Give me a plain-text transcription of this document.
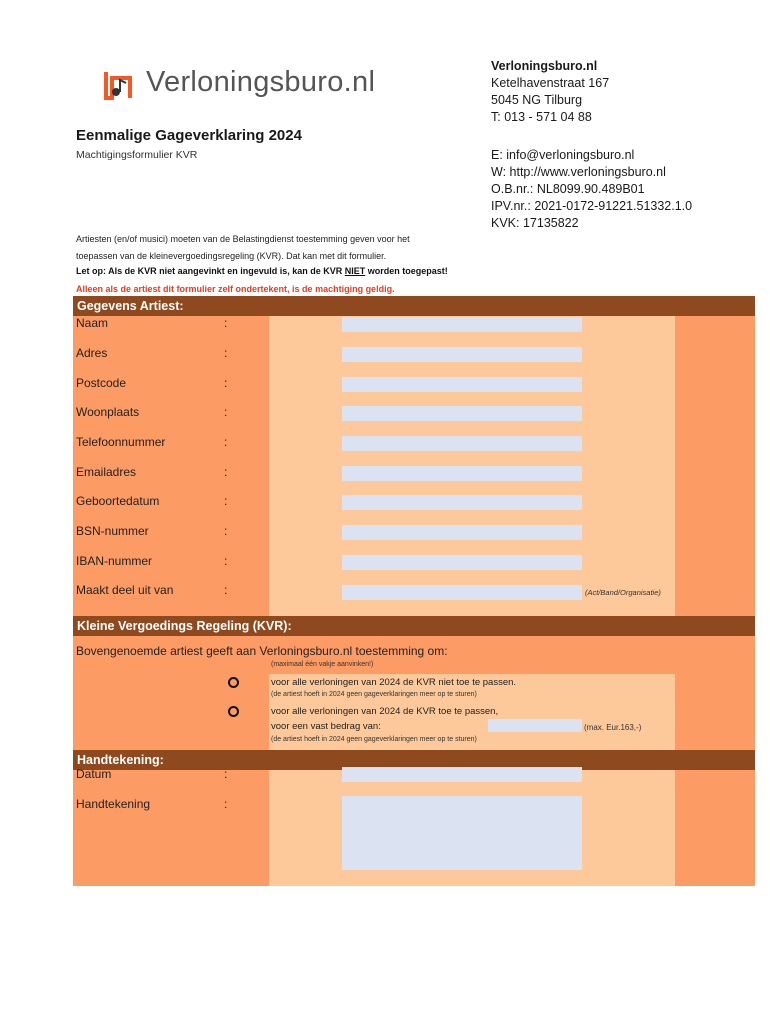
Verloningsburo.nl	Verloningsburo.nl
Ketelhavenstraat 167
5045 NG Tilburg
T: 013 - 571 04 88
E: info@verloningsburo.nl
W: http://www.verloningsburo.nl
O.B.nr.: NL8099.90.489B01
IPV.nr.: 2021-0172-91221.51332.1.0
KVK: 17135822
Eenmalige Gageverklaring 2024
Machtigingsformulier KVR
Artiesten (en/of musici) moeten van de Belastingdienst toestemming geven voor het
toepassen van de kleinevergoedingsregeling (KVR). Dat kan met dit formulier.
Let op: Als de KVR niet aangevinkt en ingevuld is, kan de KVR NIET worden toegepast!
Alleen als de artiest dit formulier zelf ondertekent, is de machtiging geldig.
Gegevens Artiest:
Naam	:
Adres	:
Postcode	:
Woonplaats	:
Telefoonnummer	:
Emailadres	:
Geboortedatum	:
BSN-nummer	:
IBAN-nummer	:
Maakt deel uit van	:	(Act/Band/Organisatie)
Kleine Vergoedings Regeling (KVR):
Bovengenoemde artiest geeft aan Verloningsburo.nl toestemming om:
(maximaal één vakje aanvinken!)
voor alle verloningen van 2024 de KVR niet toe te passen.
(de artiest hoeft in 2024 geen gageverklaringen meer op te sturen)
voor alle verloningen van 2024 de KVR toe te passen,
voor een vast bedrag van:	(max. Eur.163,-)
(de artiest hoeft in 2024 geen gageverklaringen meer op te sturen)
Handtekening:
Datum	:
Handtekening	:
